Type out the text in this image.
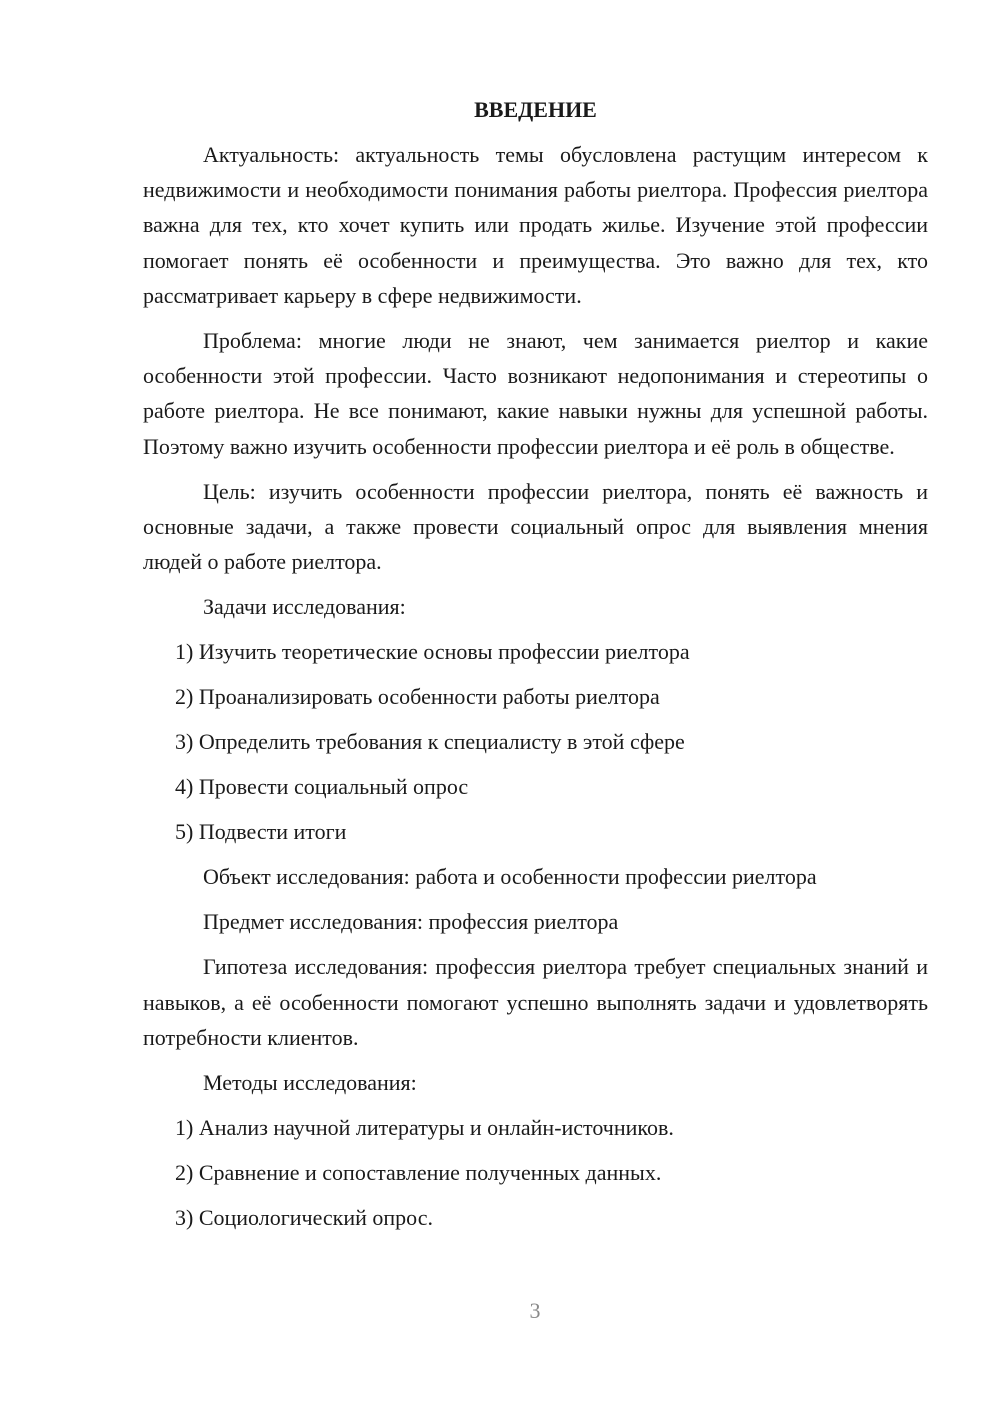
ВВЕДЕНИЕ

Актуальность: актуальность темы обусловлена растущим интересом к недвижимости и необходимости понимания работы риелтора. Профессия риелтора важна для тех, кто хочет купить или продать жилье. Изучение этой профессии помогает понять её особенности и преимущества. Это важно для тех, кто рассматривает карьеру в сфере недвижимости.

Проблема: многие люди не знают, чем занимается риелтор и какие особенности этой профессии. Часто возникают недопонимания и стереотипы о работе риелтора. Не все понимают, какие навыки нужны для успешной работы. Поэтому важно изучить особенности профессии риелтора и её роль в обществе.

Цель: изучить особенности профессии риелтора, понять её важность и основные задачи, а также провести социальный опрос для выявления мнения людей о работе риелтора.

Задачи исследования:

1) Изучить теоретические основы профессии риелтора

2) Проанализировать особенности работы риелтора

3) Определить требования к специалисту в этой сфере

4) Провести социальный опрос

5) Подвести итоги

Объект исследования: работа и особенности профессии риелтора

Предмет исследования: профессия риелтора

Гипотеза исследования: профессия риелтора требует специальных знаний и навыков, а её особенности помогают успешно выполнять задачи и удовлетворять потребности клиентов.

Методы исследования:

1) Анализ научной литературы и онлайн-источников.

2) Сравнение и сопоставление полученных данных.

3) Социологический опрос.

3
